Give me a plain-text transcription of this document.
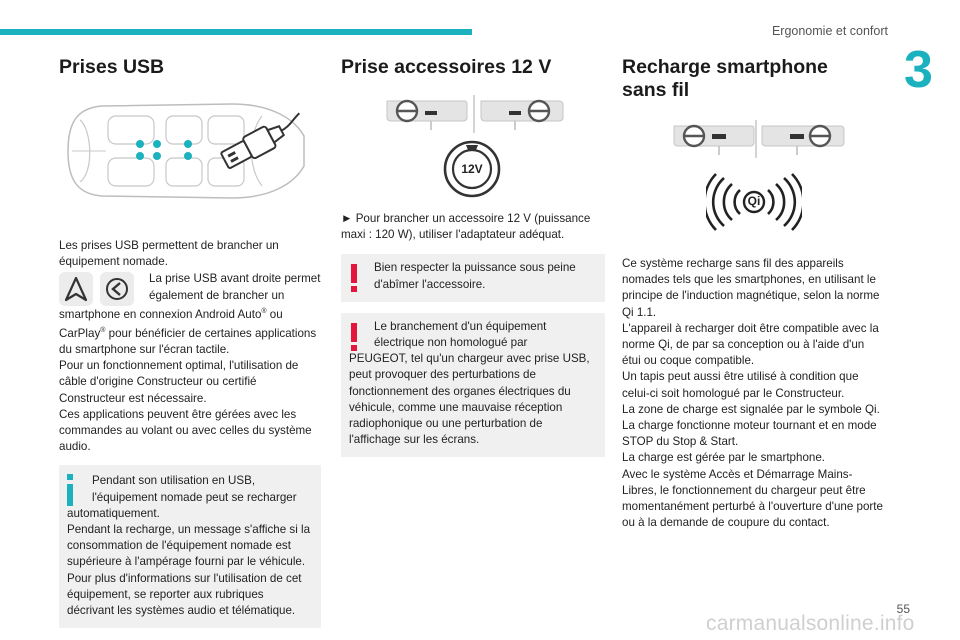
Ergonomie et confort
3
Prises USB

Les prises USB permettent de brancher un équipement nomade.

La prise USB avant droite permet également de brancher un

smartphone en connexion Android Auto® ou CarPlay® pour bénéficier de certaines applications du smartphone sur l'écran tactile.

Pour un fonctionnement optimal, l'utilisation de câble d'origine Constructeur ou certifié Constructeur est nécessaire.

Ces applications peuvent être gérées avec les commandes au volant ou avec celles du système audio.

Pendant son utilisation en USB, l'équipement nomade peut se recharger

automatiquement.

Pendant la recharge, un message s'affiche si la consommation de l'équipement nomade est supérieure à l'ampérage fourni par le véhicule.

Pour plus d'informations sur l'utilisation de cet équipement, se reporter aux rubriques décrivant les systèmes audio et télématique.

Prise accessoires 12 V
12V

► Pour brancher un accessoire 12 V (puissance maxi : 120 W), utiliser l'adaptateur adéquat.

Bien respecter la puissance sous peine d'abîmer l'accessoire.

Le branchement d'un équipement électrique non homologué par

PEUGEOT, tel qu'un chargeur avec prise USB, peut provoquer des perturbations de fonctionnement des organes électriques du véhicule, comme une mauvaise réception radiophonique ou une perturbation de l'affichage sur les écrans.

Recharge smartphone sans fil
Qi

Ce système recharge sans fil des appareils nomades tels que les smartphones, en utilisant le principe de l'induction magnétique, selon la norme Qi 1.1.

L'appareil à recharger doit être compatible avec la norme Qi, de par sa conception ou à l'aide d'un étui ou coque compatible.

Un tapis peut aussi être utilisé à condition que celui-ci soit homologué par le Constructeur.

La zone de charge est signalée par le symbole Qi.

La charge fonctionne moteur tournant et en mode STOP du Stop & Start.

La charge est gérée par le smartphone.

Avec le système Accès et Démarrage Mains-Libres, le fonctionnement du chargeur peut être momentanément perturbé à l'ouverture d'une porte ou à la demande de coupure du contact.

55
carmanualsonline.info
